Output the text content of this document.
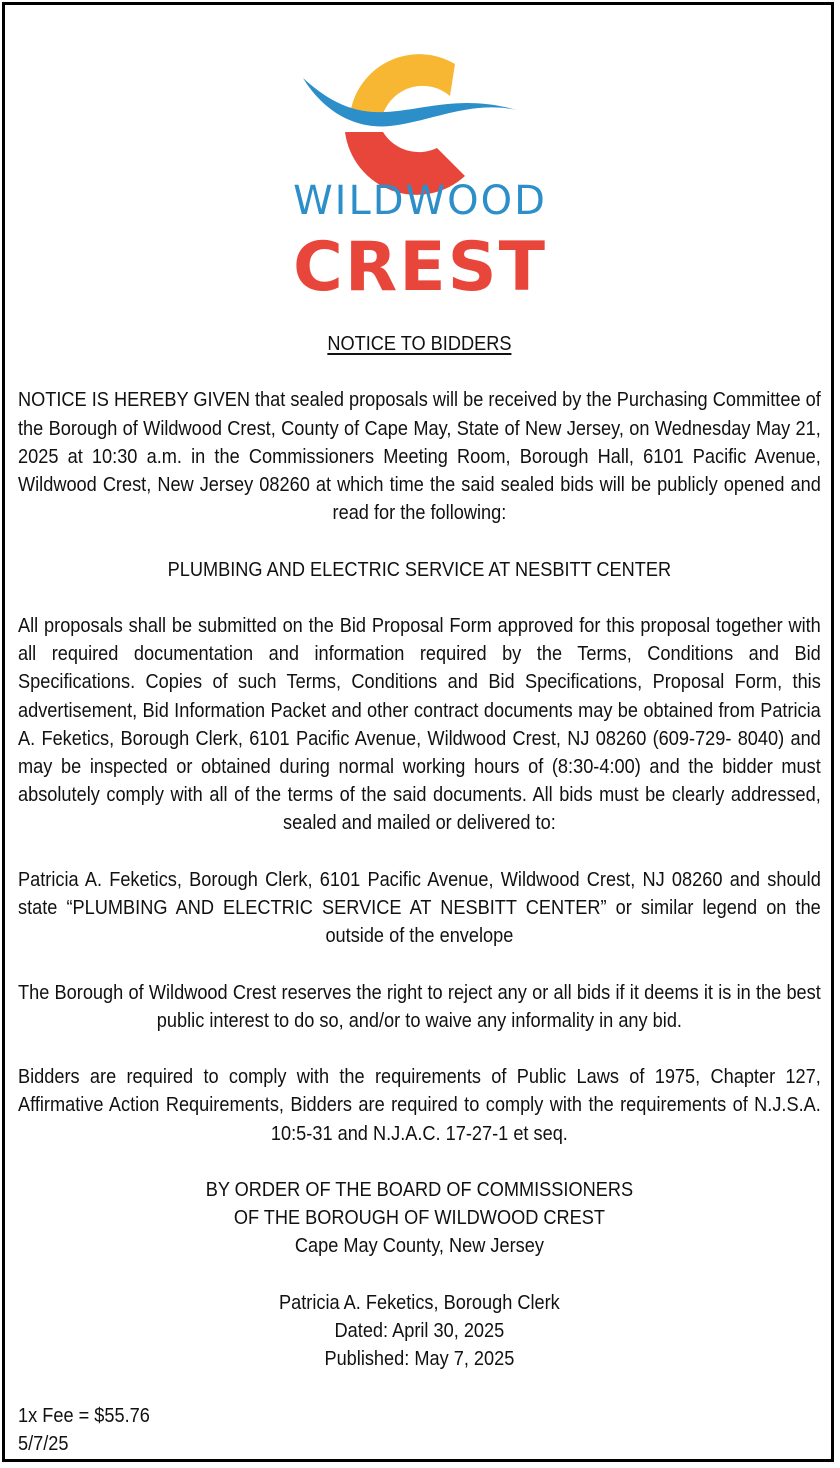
WILDWOOD
CREST

NOTICE TO BIDDERS

NOTICE IS HEREBY GIVEN that sealed proposals will be received by the Purchasing Committee of the Borough of Wildwood Crest, County of Cape May, State of New Jersey, on Wednesday May 21, 2025 at 10:30 a.m. in the Commissioners Meeting Room, Borough Hall, 6101 Pacific Avenue, Wildwood Crest, New Jersey 08260 at which time the said sealed bids will be publicly opened and read for the following:

PLUMBING AND ELECTRIC SERVICE AT NESBITT CENTER

All proposals shall be submitted on the Bid Proposal Form approved for this proposal together with all required documentation and information required by the Terms, Conditions and Bid Specifications. Copies of such Terms, Conditions and Bid Specifications, Proposal Form, this advertisement, Bid Information Packet and other contract documents may be obtained from Patricia A. Feketics, Borough Clerk, 6101 Pacific Avenue, Wildwood Crest, NJ 08260 (609-729- 8040) and may be inspected or obtained during normal working hours of (8:30-4:00) and the bidder must absolutely comply with all of the terms of the said documents. All bids must be clearly addressed, sealed and mailed or delivered to:

Patricia A. Feketics, Borough Clerk, 6101 Pacific Avenue, Wildwood Crest, NJ 08260 and should state “PLUMBING AND ELECTRIC SERVICE AT NESBITT CENTER” or similar legend on the outside of the envelope

The Borough of Wildwood Crest reserves the right to reject any or all bids if it deems it is in the best public interest to do so, and/or to waive any informality in any bid.

Bidders are required to comply with the requirements of Public Laws of 1975, Chapter 127, Affirmative Action Requirements, Bidders are required to comply with the requirements of N.J.S.A. 10:5-31 and N.J.A.C. 17-27-1 et seq.

BY ORDER OF THE BOARD OF COMMISSIONERS

OF THE BOROUGH OF WILDWOOD CREST

Cape May County, New Jersey

Patricia A. Feketics, Borough Clerk

Dated: April 30, 2025

Published: May 7, 2025

1x Fee = $55.76

5/7/25
